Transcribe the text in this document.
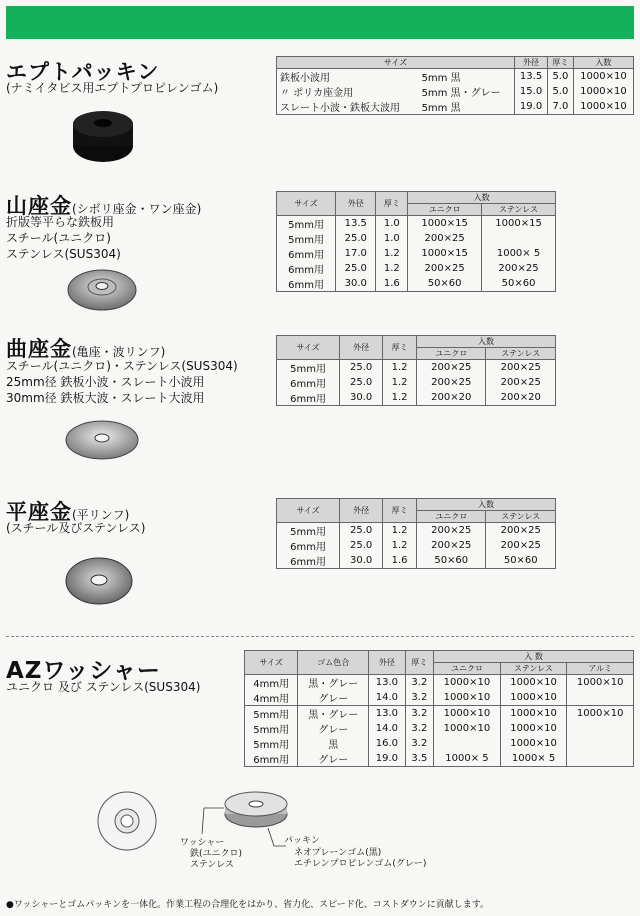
エプトパッキン
(ナミイタビス用エプトプロピレンゴム)
サイズ		外径	厚ミ	入数
鉄板小波用	5mm 黒	13.5	5.0	1000×10
〃 ポリカ座金用	5mm 黒・グレー	15.0	5.0	1000×10
スレート小波・鉄板大波用	5mm 黒	19.0	7.0	1000×10
山座金(シボリ座金・ワン座金)
折版等平らな鉄板用
スチール(ユニクロ)
ステンレス(SUS304)
サイズ	外径	厚ミ	入数	
			ユニクロ	ステンレス
5mm用	13.5	1.0	1000×15	1000×15
5mm用	25.0	1.0	200×25	
6mm用	17.0	1.2	1000×15	1000× 5
6mm用	25.0	1.2	200×25	200×25
6mm用	30.0	1.6	50×60	50×60
曲座金(亀座・波リンフ)
スチール(ユニクロ)・ステンレス(SUS304)
25mm径 鉄板小波・スレート小波用
30mm径 鉄板大波・スレート大波用
サイズ	外径	厚ミ	入数	
			ユニクロ	ステンレス
5mm用	25.0	1.2	200×25	200×25
6mm用	25.0	1.2	200×25	200×25
6mm用	30.0	1.2	200×20	200×20
平座金(平リンフ)
(スチール及びステンレス)
サイズ	外径	厚ミ	入数	
			ユニクロ	ステンレス
5mm用	25.0	1.2	200×25	200×25
6mm用	25.0	1.2	200×25	200×25
6mm用	30.0	1.6	50×60	50×60
AZワッシャー
ユニクロ 及び ステンレス(SUS304)
サイズ	ゴム色合	外径	厚ミ	入 数		
				ユニクロ	ステンレス	アルミ
4mm用	黒・グレー	13.0	3.2	1000×10	1000×10	1000×10
4mm用	グレー	14.0	3.2	1000×10	1000×10	
5mm用	黒・グレー	13.0	3.2	1000×10	1000×10	1000×10
5mm用	グレー	14.0	3.2	1000×10	1000×10	
5mm用	黒	16.0	3.2		1000×10	
6mm用	グレー	19.0	3.5	1000× 5	1000× 5	
ワッシャー
鉄(ユニクロ)
ステンレス
パッキン
ネオプレーンゴム(黒)
エチレンプロピレンゴム(グレー)
●ワッシャーとゴムパッキンを一体化。作業工程の合理化をはかり、省力化、スピード化、コストダウンに貢献します。
